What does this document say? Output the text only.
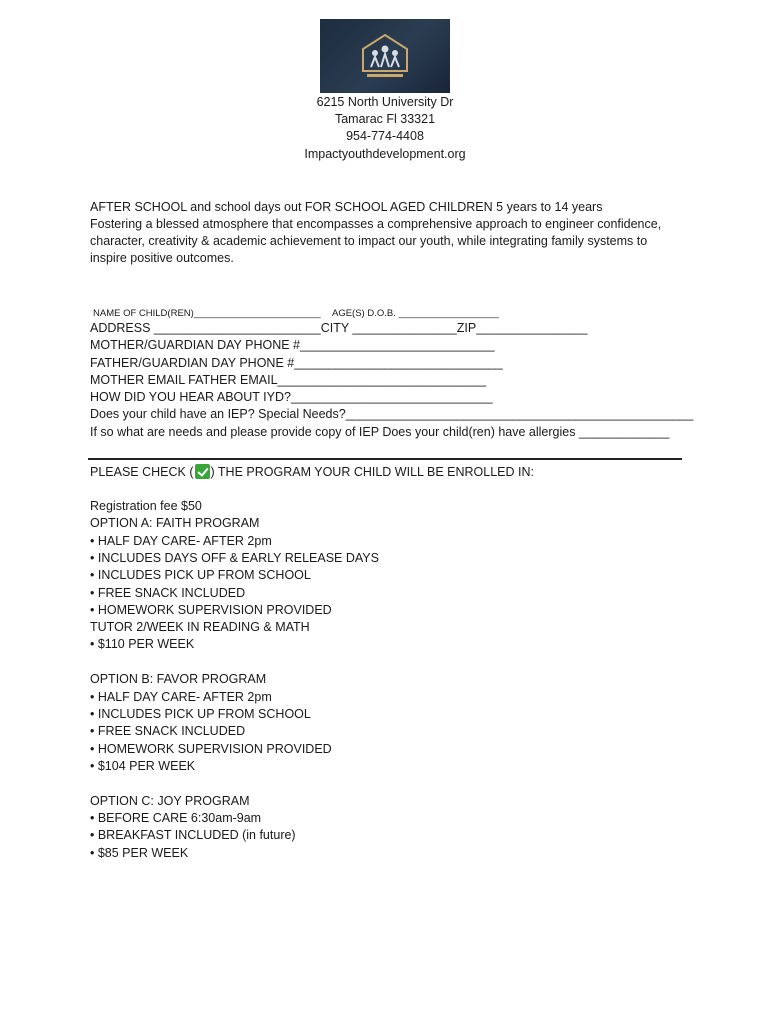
6215 North University Dr
Tamarac Fl 33321
954-774-4408
Impactyouthdevelopment.org
AFTER SCHOOL and school days out FOR SCHOOL AGED CHILDREN 5 years to 14 years
Fostering a blessed atmosphere that encompasses a comprehensive approach to engineer confidence,
character, creativity & academic achievement to impact our youth, while integrating family systems to
inspire positive outcomes.
NAME OF CHILD(REN)________________________ AGE(S) D.O.B. ___________________
ADDRESS ________________________CITY _______________ZIP________________
MOTHER/GUARDIAN DAY PHONE #____________________________
FATHER/GUARDIAN DAY PHONE #______________________________
MOTHER EMAIL FATHER EMAIL______________________________
HOW DID YOU HEAR ABOUT IYD?_____________________________
Does your child have an IEP? Special Needs?__________________________________________________
If so what are needs and please provide copy of IEP Does your child(ren) have allergies _____________
PLEASE CHECK ( ) THE PROGRAM YOUR CHILD WILL BE ENROLLED IN:
Registration fee $50
OPTION A: FAITH PROGRAM
• HALF DAY CARE- AFTER 2pm
• INCLUDES DAYS OFF & EARLY RELEASE DAYS
• INCLUDES PICK UP FROM SCHOOL
• FREE SNACK INCLUDED
• HOMEWORK SUPERVISION PROVIDED
TUTOR 2/WEEK IN READING & MATH
• $110 PER WEEK
OPTION B: FAVOR PROGRAM
• HALF DAY CARE- AFTER 2pm
• INCLUDES PICK UP FROM SCHOOL
• FREE SNACK INCLUDED
• HOMEWORK SUPERVISION PROVIDED
• $104 PER WEEK
OPTION C: JOY PROGRAM
• BEFORE CARE 6:30am-9am
• BREAKFAST INCLUDED (in future)
• $85 PER WEEK
